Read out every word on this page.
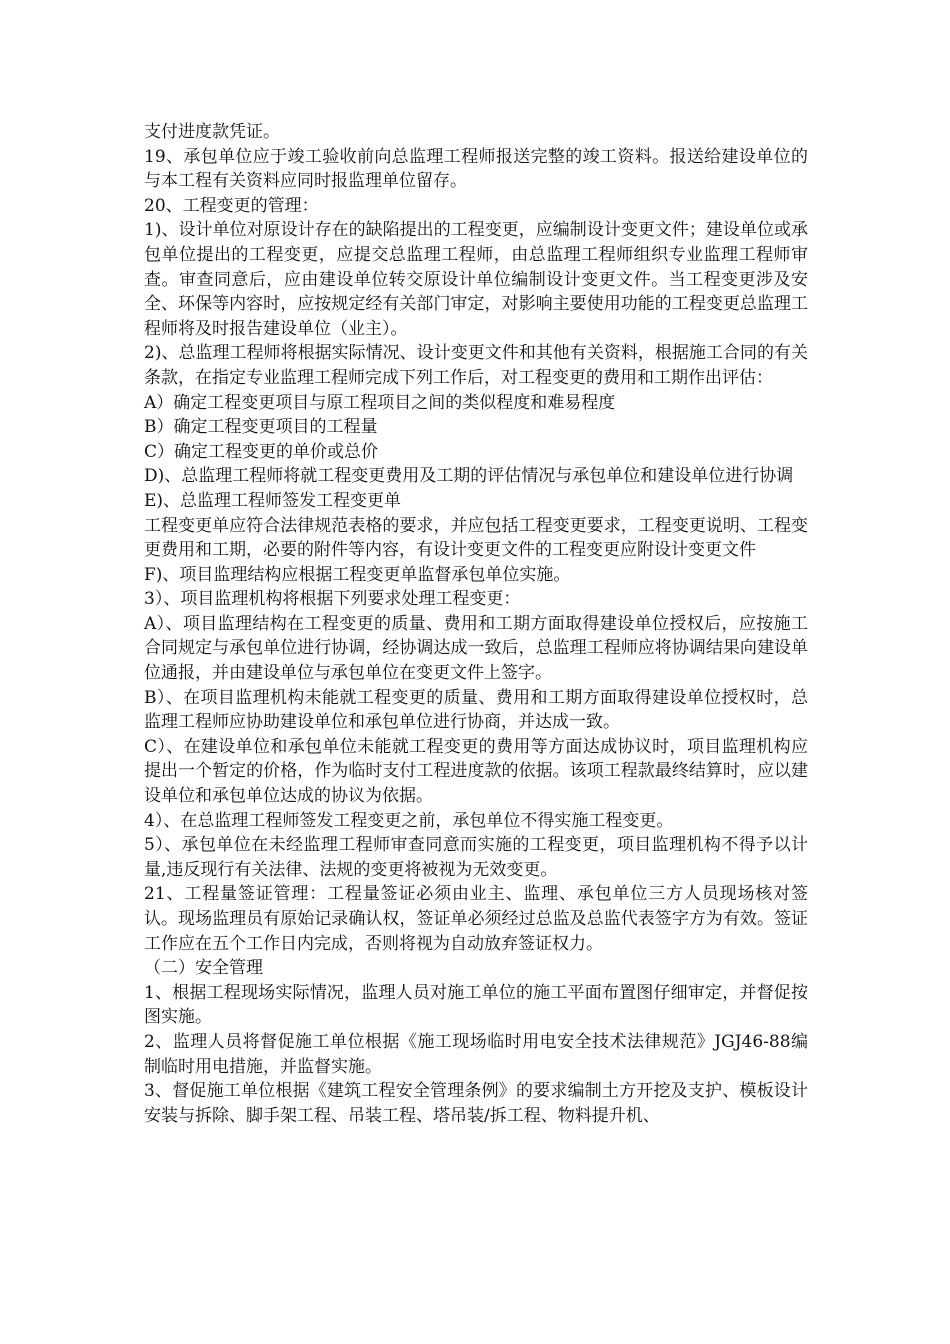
支付进度款凭证。

19、承包单位应于竣工验收前向总监理工程师报送完整的竣工资料。报送给建设单位的与本工程有关资料应同时报监理单位留存。

20、工程变更的管理：

1)、设计单位对原设计存在的缺陷提出的工程变更，应编制设计变更文件；建设单位或承包单位提出的工程变更，应提交总监理工程师，由总监理工程师组织专业监理工程师审查。审查同意后，应由建设单位转交原设计单位编制设计变更文件。当工程变更涉及安全、环保等内容时，应按规定经有关部门审定，对影响主要使用功能的工程变更总监理工程师将及时报告建设单位（业主）。

2)、总监理工程师将根据实际情况、设计变更文件和其他有关资料，根据施工合同的有关条款，在指定专业监理工程师完成下列工作后，对工程变更的费用和工期作出评估：

A）确定工程变更项目与原工程项目之间的类似程度和难易程度

B）确定工程变更项目的工程量

C）确定工程变更的单价或总价

D)、总监理工程师将就工程变更费用及工期的评估情况与承包单位和建设单位进行协调

E)、总监理工程师签发工程变更单

工程变更单应符合法律规范表格的要求，并应包括工程变更要求，工程变更说明、工程变更费用和工期，必要的附件等内容，有设计变更文件的工程变更应附设计变更文件

F)、项目监理结构应根据工程变更单监督承包单位实施。

3）、项目监理机构将根据下列要求处理工程变更：

A）、项目监理结构在工程变更的质量、费用和工期方面取得建设单位授权后，应按施工合同规定与承包单位进行协调，经协调达成一致后，总监理工程师应将协调结果向建设单位通报，并由建设单位与承包单位在变更文件上签字。

B）、在项目监理机构未能就工程变更的质量、费用和工期方面取得建设单位授权时，总监理工程师应协助建设单位和承包单位进行协商，并达成一致。

C）、在建设单位和承包单位未能就工程变更的费用等方面达成协议时，项目监理机构应提出一个暂定的价格，作为临时支付工程进度款的依据。该项工程款最终结算时，应以建设单位和承包单位达成的协议为依据。

4）、在总监理工程师签发工程变更之前，承包单位不得实施工程变更。

5）、承包单位在未经监理工程师审查同意而实施的工程变更，项目监理机构不得予以计量,违反现行有关法律、法规的变更将被视为无效变更。

21、工程量签证管理：工程量签证必须由业主、监理、承包单位三方人员现场核对签认。现场监理员有原始记录确认权，签证单必须经过总监及总监代表签字方为有效。签证工作应在五个工作日内完成，否则将视为自动放弃签证权力。

（二）安全管理

1、根据工程现场实际情况，监理人员对施工单位的施工平面布置图仔细审定，并督促按图实施。

2、监理人员将督促施工单位根据《施工现场临时用电安全技术法律规范》JGJ46-88编制临时用电措施，并监督实施。

3、督促施工单位根据《建筑工程安全管理条例》的要求编制土方开挖及支护、模板设计安装与拆除、脚手架工程、吊装工程、塔吊装/拆工程、物料提升机、
